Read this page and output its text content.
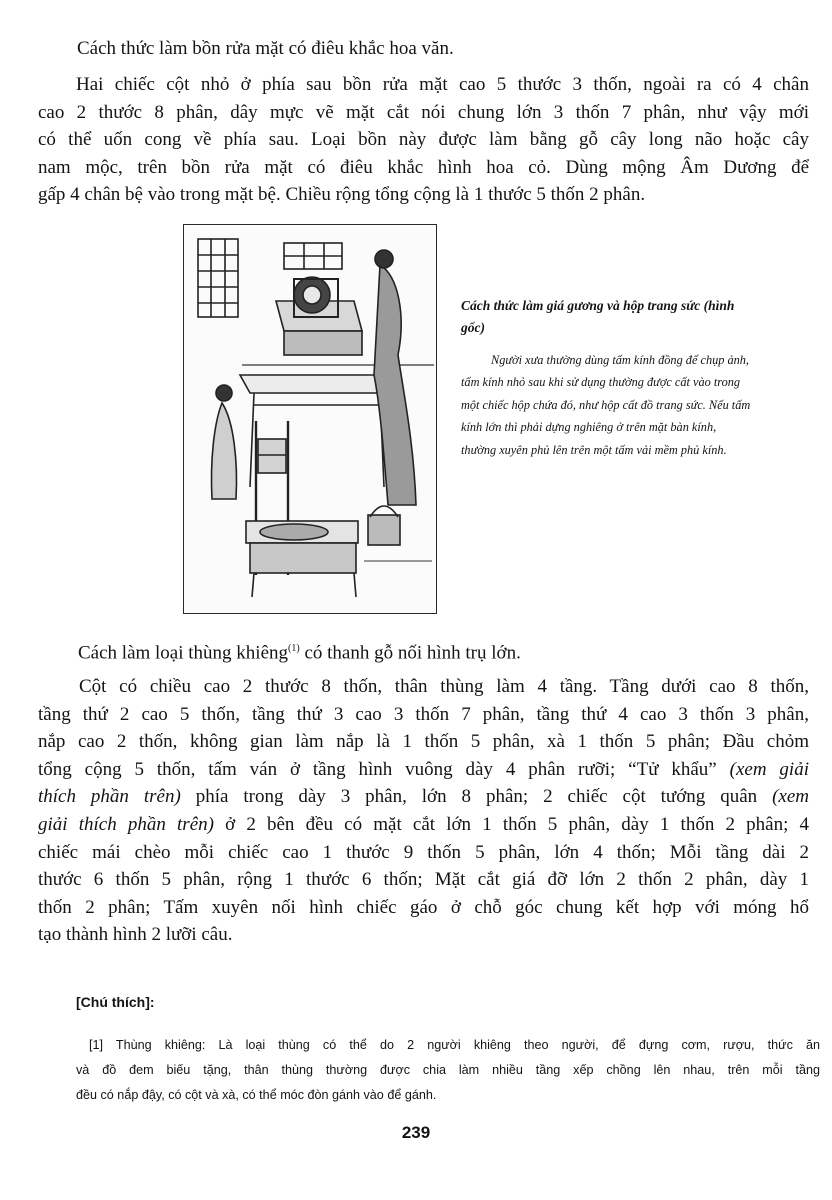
Cách thức làm bồn rửa mặt có điêu khắc hoa văn.
Hai chiếc cột nhỏ ở phía sau bồn rửa mặt cao 5 thước 3 thốn, ngoài ra có 4 chân
cao 2 thước 8 phân, dây mực vẽ mặt cắt nói chung lớn 3 thốn 7 phân, như vậy mới
có thể uốn cong về phía sau. Loại bồn này được làm bằng gỗ cây long não hoặc cây
nam mộc, trên bồn rửa mặt có điêu khắc hình hoa cỏ. Dùng mộng Âm Dương để
gấp 4 chân bệ vào trong mặt bệ. Chiều rộng tổng cộng là 1 thước 5 thốn 2 phân.
Cách thức làm giá gương và hộp trang sức (hình gốc)
Người xưa thường dùng tấm kính đồng để chụp ảnh, tấm kính nhỏ sau khi sử dụng thường được cất vào trong một chiếc hộp chứa đó, như hộp cất đồ trang sức. Nếu tấm kính lớn thì phải dựng nghiêng ở trên mặt bàn kính, thường xuyên phủ lên trên một tấm vải mềm phủ kính.
Cách làm loại thùng khiêng$^{(1)}$ có thanh gỗ nối hình trụ lớn.
Cột có chiều cao 2 thước 8 thốn, thân thùng làm 4 tầng. Tầng dưới cao 8 thốn,
tầng thứ 2 cao 5 thốn, tầng thứ 3 cao 3 thốn 7 phân, tầng thứ 4 cao 3 thốn 3 phân,
nắp cao 2 thốn, không gian làm nắp là 1 thốn 5 phân, xà 1 thốn 5 phân; Đầu chỏm
tổng cộng 5 thốn, tấm ván ở tầng hình vuông dày 4 phân rưỡi; “Tử khẩu” (xem giải
thích phần trên) phía trong dày 3 phân, lớn 8 phân; 2 chiếc cột tướng quân (xem
giải thích phần trên) ở 2 bên đều có mặt cắt lớn 1 thốn 5 phân, dày 1 thốn 2 phân; 4
chiếc mái chèo mỗi chiếc cao 1 thước 9 thốn 5 phân, lớn 4 thốn; Mỗi tầng dài 2
thước 6 thốn 5 phân, rộng 1 thước 6 thốn; Mặt cắt giá đỡ lớn 2 thốn 2 phân, dày 1
thốn 2 phân; Tấm xuyên nối hình chiếc gáo ở chỗ góc chung kết hợp với móng hổ
tạo thành hình 2 lưỡi câu.
[Chú thích]:
[1] Thùng khiêng: Là loại thùng có thể do 2 người khiêng theo người, để đựng cơm, rượu, thức ăn
và đồ đem biếu tặng, thân thùng thường được chia làm nhiều tầng xếp chồng lên nhau, trên mỗi tầng
đều có nắp đậy, có cột và xà, có thể móc đòn gánh vào để gánh.
239
